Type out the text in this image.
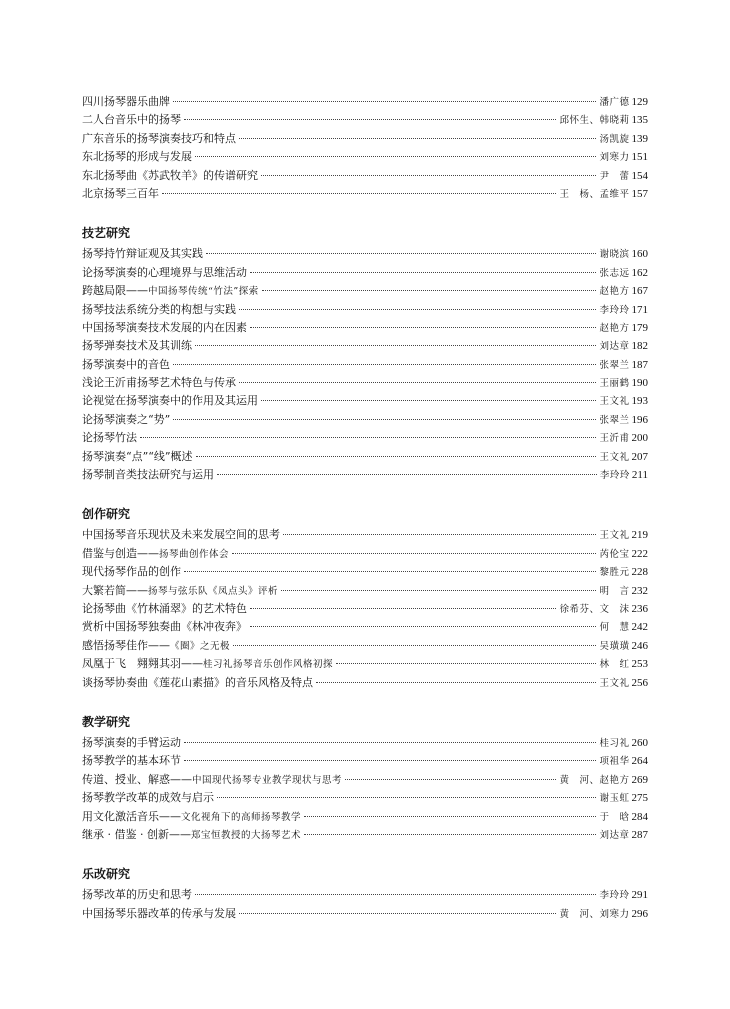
四川扬琴器乐曲牌	潘广德 129
二人台音乐中的扬琴	邱怀生、韩晓莉 135
广东音乐的扬琴演奏技巧和特点	汤凯旋 139
东北扬琴的形成与发展	刘寒力 151
东北扬琴曲《苏武牧羊》的传谱研究	尹　蕾 154
北京扬琴三百年	王　杨、孟维平 157
技艺研究
扬琴持竹辩证观及其实践	谢晓滨 160
论扬琴演奏的心理境界与思维活动	张志远 162
跨越局限——中国扬琴传统“竹法”探索	赵艳方 167
扬琴技法系统分类的构想与实践	李玲玲 171
中国扬琴演奏技术发展的内在因素	赵艳方 179
扬琴弹奏技术及其训练	刘达章 182
扬琴演奏中的音色	张翠兰 187
浅论王沂甫扬琴艺术特色与传承	王丽鹤 190
论视觉在扬琴演奏中的作用及其运用	王文礼 193
论扬琴演奏之“势”	张翠兰 196
论扬琴竹法	王沂甫 200
扬琴演奏“点”“线”概述	王文礼 207
扬琴制音类技法研究与运用	李玲玲 211
创作研究
中国扬琴音乐现状及未来发展空间的思考	王文礼 219
借鉴与创造——扬琴曲创作体会	芮伦宝 222
现代扬琴作品的创作	黎胜元 228
大繁若简——扬琴与弦乐队《凤点头》评析	明　言 232
论扬琴曲《竹林涌翠》的艺术特色	徐希芬、文　沫 236
赏析中国扬琴独奏曲《林冲夜奔》	何　慧 242
感悟扬琴佳作——《圈》之无极	吴璜璜 246
凤凰于飞　翙翙其羽——桂习礼扬琴音乐创作风格初探	林　红 253
谈扬琴协奏曲《莲花山素描》的音乐风格及特点	王文礼 256
教学研究
扬琴演奏的手臂运动	桂习礼 260
扬琴教学的基本环节	项祖华 264
传道、授业、解惑——中国现代扬琴专业教学现状与思考	黄　河、赵艳方 269
扬琴教学改革的成效与启示	谢玉虹 275
用文化激活音乐——文化视角下的高师扬琴教学	于　晗 284
继承 · 借鉴 · 创新——郑宝恒教授的大扬琴艺术	刘达章 287
乐改研究
扬琴改革的历史和思考	李玲玲 291
中国扬琴乐器改革的传承与发展	黄　河、刘寒力 296
